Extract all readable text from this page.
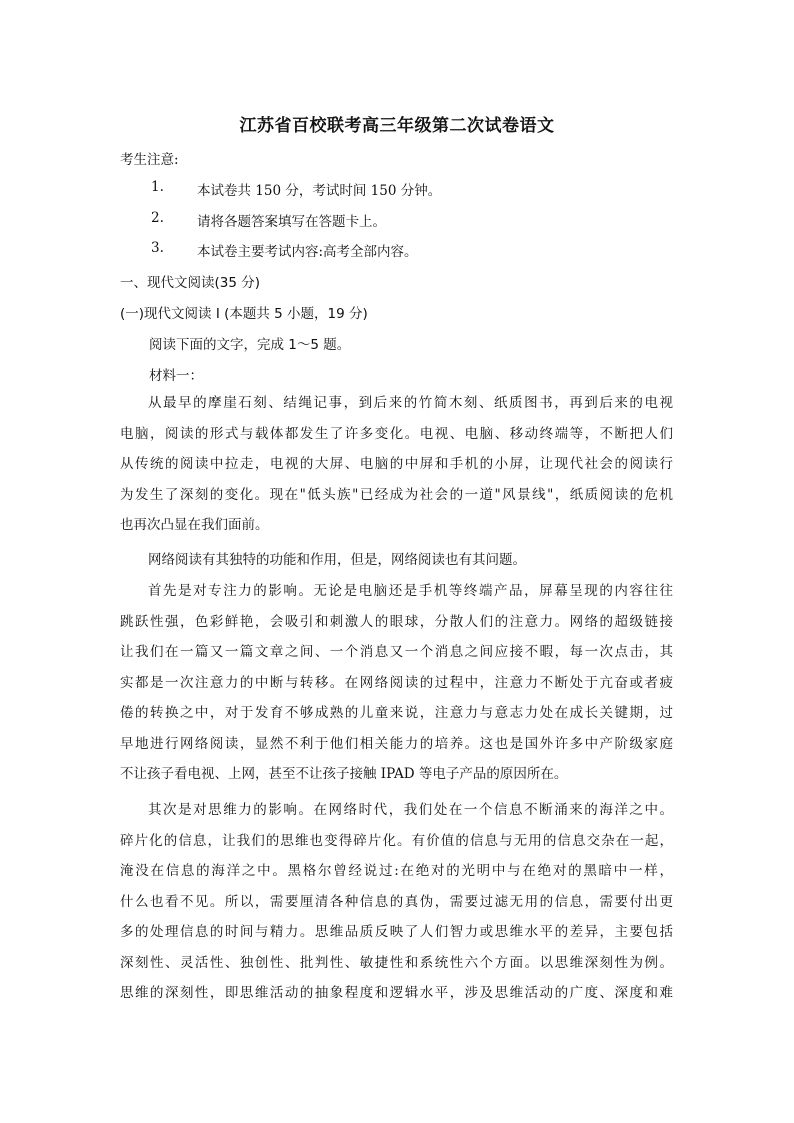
江苏省百校联考高三年级第二次试卷语文
考生注意:
1. 本试卷共 150 分，考试时间 150 分钟。
2. 请将各题答案填写在答题卡上。
3. 本试卷主要考试内容:高考全部内容。
一、现代文阅读(35 分)
(一)现代文阅读 I (本题共 5 小题，19 分)
阅读下面的文字，完成 1～5 题。
材料一：
从最早的摩崖石刻、结绳记事，到后来的竹简木刻、纸质图书，再到后来的电视
电脑，阅读的形式与载体都发生了许多变化。电视、电脑、移动终端等，不断把人们
从传统的阅读中拉走，电视的大屏、电脑的中屏和手机的小屏，让现代社会的阅读行
为发生了深刻的变化。现在"低头族"已经成为社会的一道"风景线"，纸质阅读的危机
也再次凸显在我们面前。
网络阅读有其独特的功能和作用，但是，网络阅读也有其问题。
首先是对专注力的影响。无论是电脑还是手机等终端产品，屏幕呈现的内容往往
跳跃性强，色彩鲜艳，会吸引和刺激人的眼球，分散人们的注意力。网络的超级链接
让我们在一篇又一篇文章之间、一个消息又一个消息之间应接不暇，每一次点击，其
实都是一次注意力的中断与转移。在网络阅读的过程中，注意力不断处于亢奋或者疲
倦的转换之中，对于发育不够成熟的儿童来说，注意力与意志力处在成长关键期，过
早地进行网络阅读，显然不利于他们相关能力的培养。这也是国外许多中产阶级家庭
不让孩子看电视、上网，甚至不让孩子接触 IPAD 等电子产品的原因所在。
其次是对思维力的影响。在网络时代，我们处在一个信息不断涌来的海洋之中。
碎片化的信息，让我们的思维也变得碎片化。有价值的信息与无用的信息交杂在一起，
淹没在信息的海洋之中。黑格尔曾经说过:在绝对的光明中与在绝对的黑暗中一样，
什么也看不见。所以，需要厘清各种信息的真伪，需要过滤无用的信息，需要付出更
多的处理信息的时间与精力。思维品质反映了人们智力或思维水平的差异，主要包括
深刻性、灵活性、独创性、批判性、敏捷性和系统性六个方面。以思维深刻性为例。
思维的深刻性，即思维活动的抽象程度和逻辑水平，涉及思维活动的广度、深度和难
